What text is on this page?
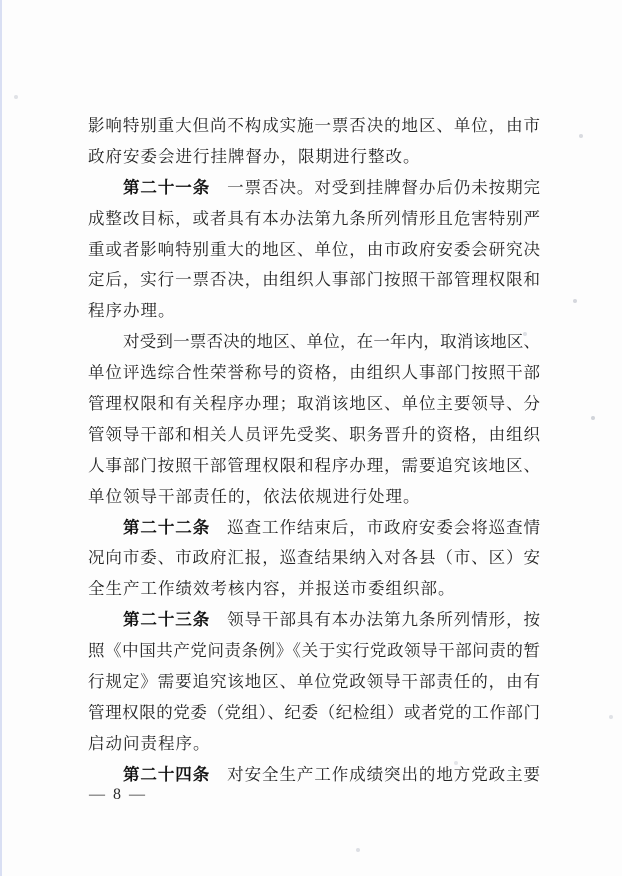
影响特别重大但尚不构成实施一票否决的地区、单位，由市
政府安委会进行挂牌督办，限期进行整改。
第二十一条 一票否决。对受到挂牌督办后仍未按期完
成整改目标，或者具有本办法第九条所列情形且危害特别严
重或者影响特别重大的地区、单位，由市政府安委会研究决
定后，实行一票否决，由组织人事部门按照干部管理权限和
程序办理。
对受到一票否决的地区、单位，在一年内，取消该地区、
单位评选综合性荣誉称号的资格，由组织人事部门按照干部
管理权限和有关程序办理；取消该地区、单位主要领导、分
管领导干部和相关人员评先受奖、职务晋升的资格，由组织
人事部门按照干部管理权限和程序办理，需要追究该地区、
单位领导干部责任的，依法依规进行处理。
第二十二条 巡查工作结束后，市政府安委会将巡查情
况向市委、市政府汇报，巡查结果纳入对各县（市、区）安
全生产工作绩效考核内容，并报送市委组织部。
第二十三条 领导干部具有本办法第九条所列情形，按
照《中国共产党问责条例》《关于实行党政领导干部问责的暂
行规定》需要追究该地区、单位党政领导干部责任的，由有
管理权限的党委（党组）、纪委（纪检组）或者党的工作部门
启动问责程序。
第二十四条 对安全生产工作成绩突出的地方党政主要
— 8 —
